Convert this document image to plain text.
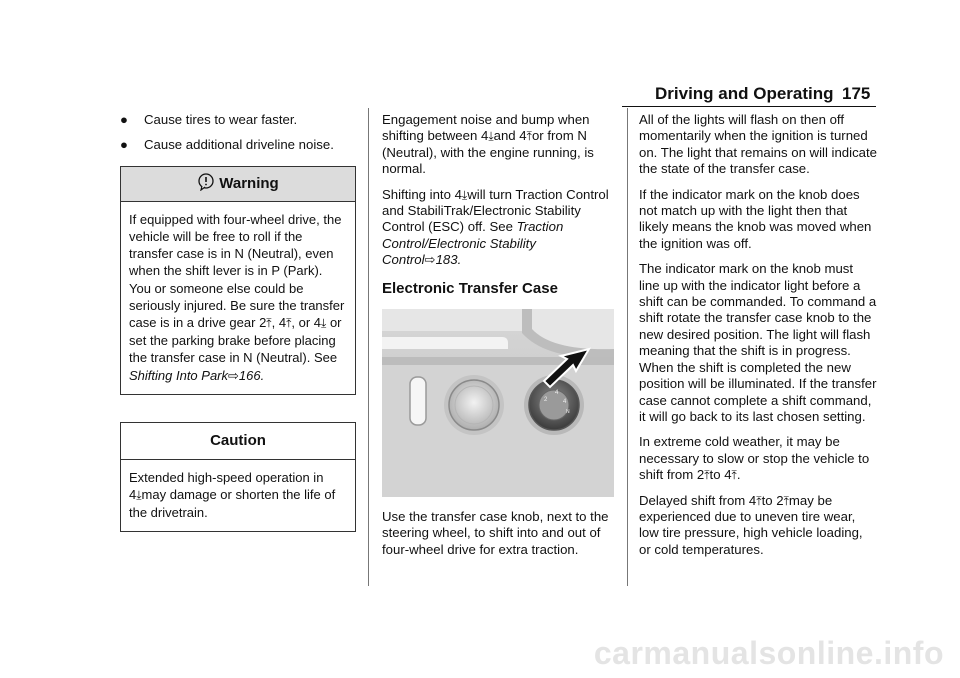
Driving and Operating 175
● Cause tires to wear faster.
● Cause additional driveline noise.
Warning
If equipped with four-wheel drive, the vehicle will be free to roll if the transfer case is in N (Neutral), even when the shift lever is in P (Park). You or someone else could be seriously injured. Be sure the transfer case is in a drive gear 2⤒, 4⤒, or 4⤓ or set the parking brake before placing the transfer case in N (Neutral). See Shifting Into Park⇨166.
Caution
Extended high-speed operation in 4⤓may damage or shorten the life of the drivetrain.

Engagement noise and bump when shifting between 4⤓and 4⤒or from N (Neutral), with the engine running, is normal.

Shifting into 4⤓will turn Traction Control and StabiliTrak/Electronic Stability Control (ESC) off. See Traction Control/Electronic Stability Control⇨183.

Electronic Transfer Case
2
4
4
N

Use the transfer case knob, next to the steering wheel, to shift into and out of four-wheel drive for extra traction.

All of the lights will flash on then off momentarily when the ignition is turned on. The light that remains on will indicate the state of the transfer case.

If the indicator mark on the knob does not match up with the light then that likely means the knob was moved when the ignition was off.

The indicator mark on the knob must line up with the indicator light before a shift can be commanded. To command a shift rotate the transfer case knob to the new desired position. The light will flash meaning that the shift is in progress. When the shift is completed the new position will be illuminated. If the transfer case cannot complete a shift command, it will go back to its last chosen setting.

In extreme cold weather, it may be necessary to slow or stop the vehicle to shift from 2⤒to 4⤒.

Delayed shift from 4⤒to 2⤒may be experienced due to uneven tire wear, low tire pressure, high vehicle loading, or cold temperatures.

carmanualsonline.info
